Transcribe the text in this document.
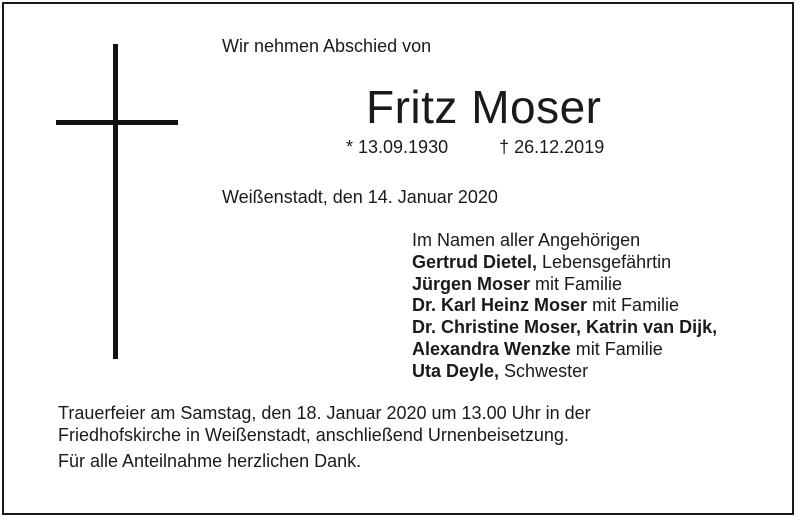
Wir nehmen Abschied von
Fritz Moser
* 13.09.1930	† 26.12.2019
Weißenstadt, den 14. Januar 2020
Im Namen aller Angehörigen
Gertrud Dietel, Lebensgefährtin
Jürgen Moser mit Familie
Dr. Karl Heinz Moser mit Familie
Dr. Christine Moser, Katrin van Dijk,
Alexandra Wenzke mit Familie
Uta Deyle, Schwester
Trauerfeier am Samstag, den 18. Januar 2020 um 13.00 Uhr in der
Friedhofskirche in Weißenstadt, anschließend Urnenbeisetzung.
Für alle Anteilnahme herzlichen Dank.
